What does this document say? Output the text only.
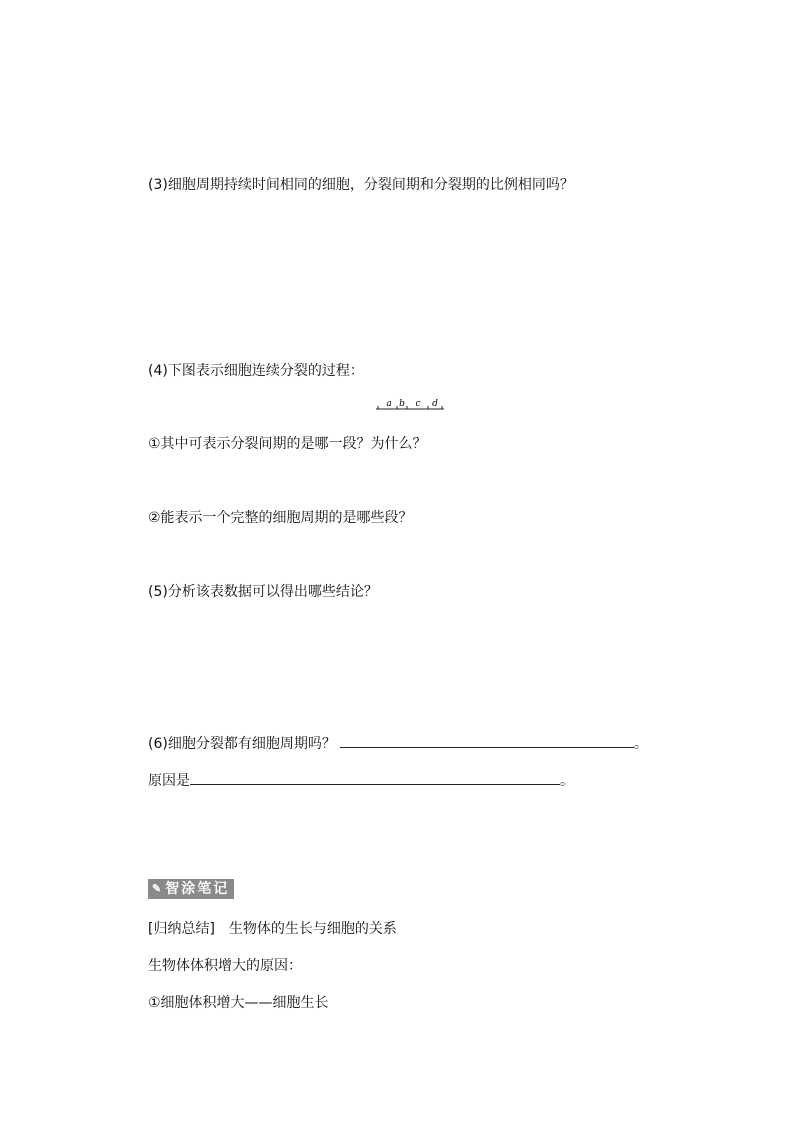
(3)细胞周期持续时间相同的细胞，分裂间期和分裂期的比例相同吗？
(4)下图表示细胞连续分裂的过程：
a b c d
①其中可表示分裂间期的是哪一段？为什么？
②能表示一个完整的细胞周期的是哪些段？
(5)分析该表数据可以得出哪些结论？
(6)细胞分裂都有细胞周期吗？	。
原因是	。
✎ 智涂笔记
[归纳总结]　生物体的生长与细胞的关系
生物体体积增大的原因：
①细胞体积增大——细胞生长
